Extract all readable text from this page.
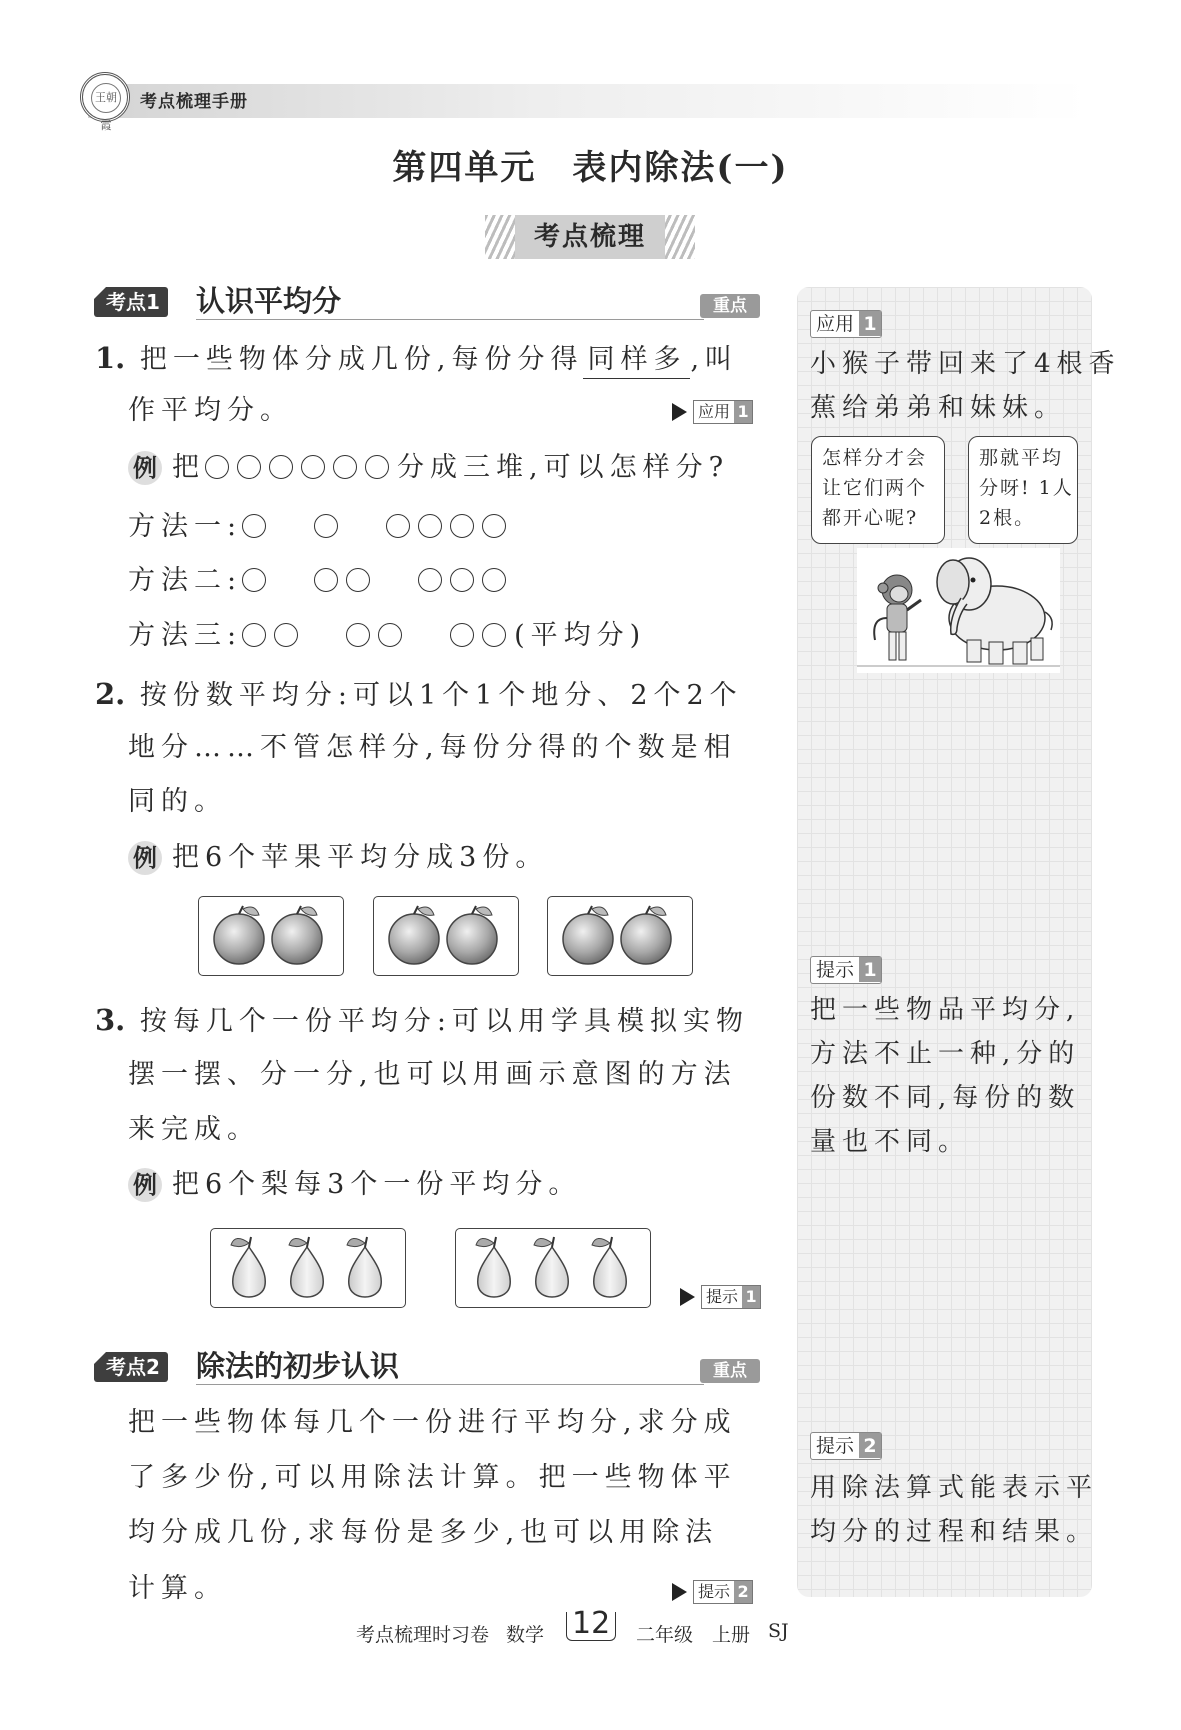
王朝霞
考点梳理手册
第四单元　表内除法(一)
考点梳理
考点1 认识平均分	重点
1. 把一些物体分成几份,每份分得 同样多 ,叫
作平均分。	应用 1
例 把	分成三堆,可以怎样分?
方法一:
方法二:
方法三:	(平均分)
2. 按份数平均分:可以1个1个地分、2个2个
地分……不管怎样分,每份分得的个数是相
同的。
例 把6个苹果平均分成3份。
3. 按每几个一份平均分:可以用学具模拟实物
摆一摆、分一分,也可以用画示意图的方法
来完成。
例 把6个梨每3个一份平均分。
提示 1
考点2 除法的初步认识	重点
把一些物体每几个一份进行平均分,求分成
了多少份,可以用除法计算。把一些物体平
均分成几份,求每份是多少,也可以用除法
计算。	提示 2
应用 1
小猴子带回来了4根香
蕉给弟弟和妹妹。
怎样分才会
让它们两个
都开心呢?
那就平均
分呀! 1人
2根。
提示 1
把一些物品平均分,
方法不止一种,分的
份数不同,每份的数
量也不同。
提示 2
用除法算式能表示平
均分的过程和结果。
考点梳理时习卷 数学 12 二年级 上册 SJ
